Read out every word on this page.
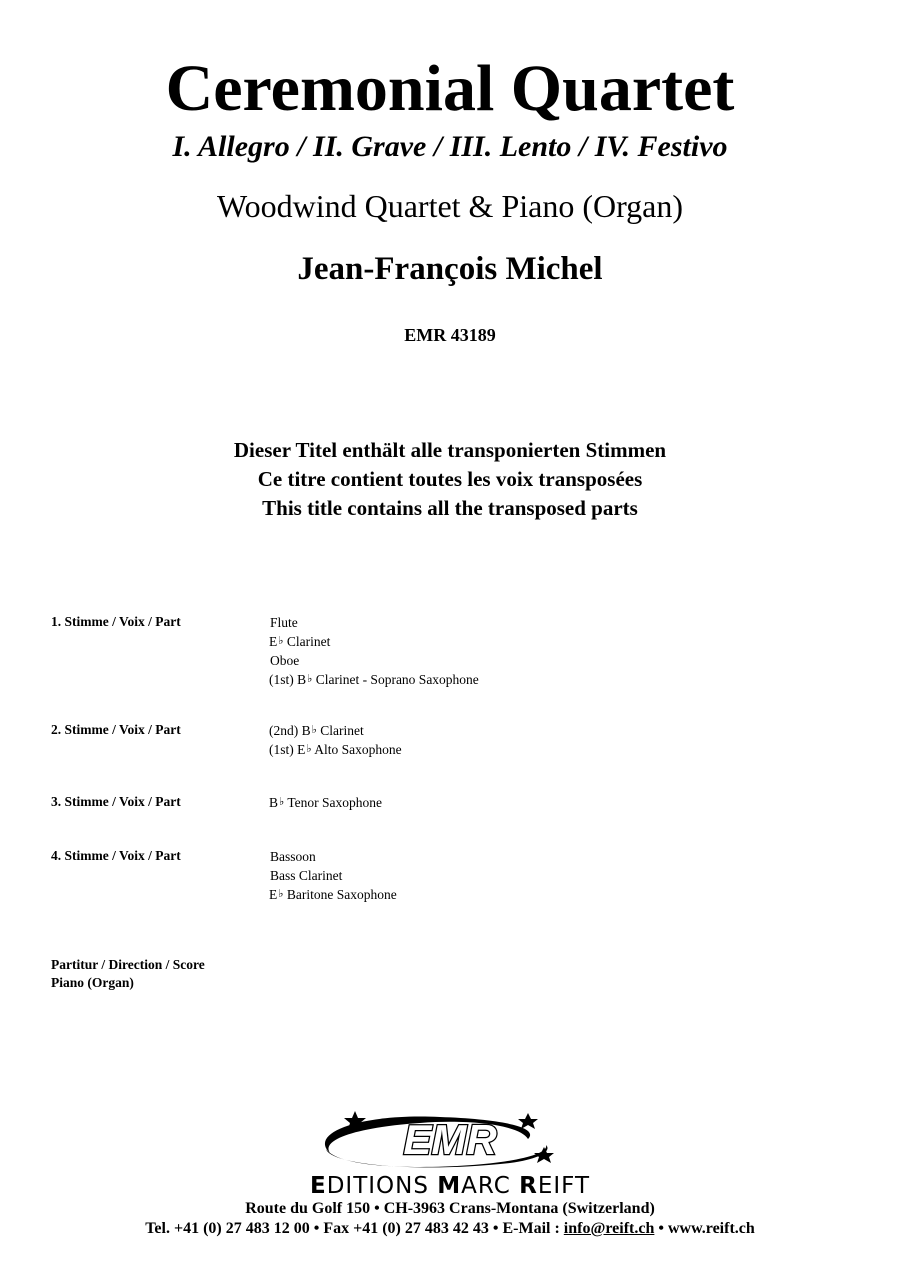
Ceremonial Quartet
I. Allegro / II. Grave / III. Lento / IV. Festivo
Woodwind Quartet & Piano (Organ)
Jean-François Michel
EMR 43189
Dieser Titel enthält alle transponierten Stimmen
Ce titre contient toutes les voix transposées
This title contains all the transposed parts
1. Stimme / Voix / Part	Flute
E♭ Clarinet
Oboe
(1st) B♭ Clarinet - Soprano Saxophone
2. Stimme / Voix / Part	(2nd) B♭ Clarinet
(1st) E♭ Alto Saxophone
3. Stimme / Voix / Part	B♭ Tenor Saxophone
4. Stimme / Voix / Part	Bassoon
Bass Clarinet
E♭ Baritone Saxophone
Partitur / Direction / Score
Piano (Organ)
EMR
EDITIONS MARC REIFT
Route du Golf 150 • CH-3963 Crans-Montana (Switzerland)
Tel. +41 (0) 27 483 12 00 • Fax +41 (0) 27 483 42 43 • E-Mail : info@reift.ch • www.reift.ch
